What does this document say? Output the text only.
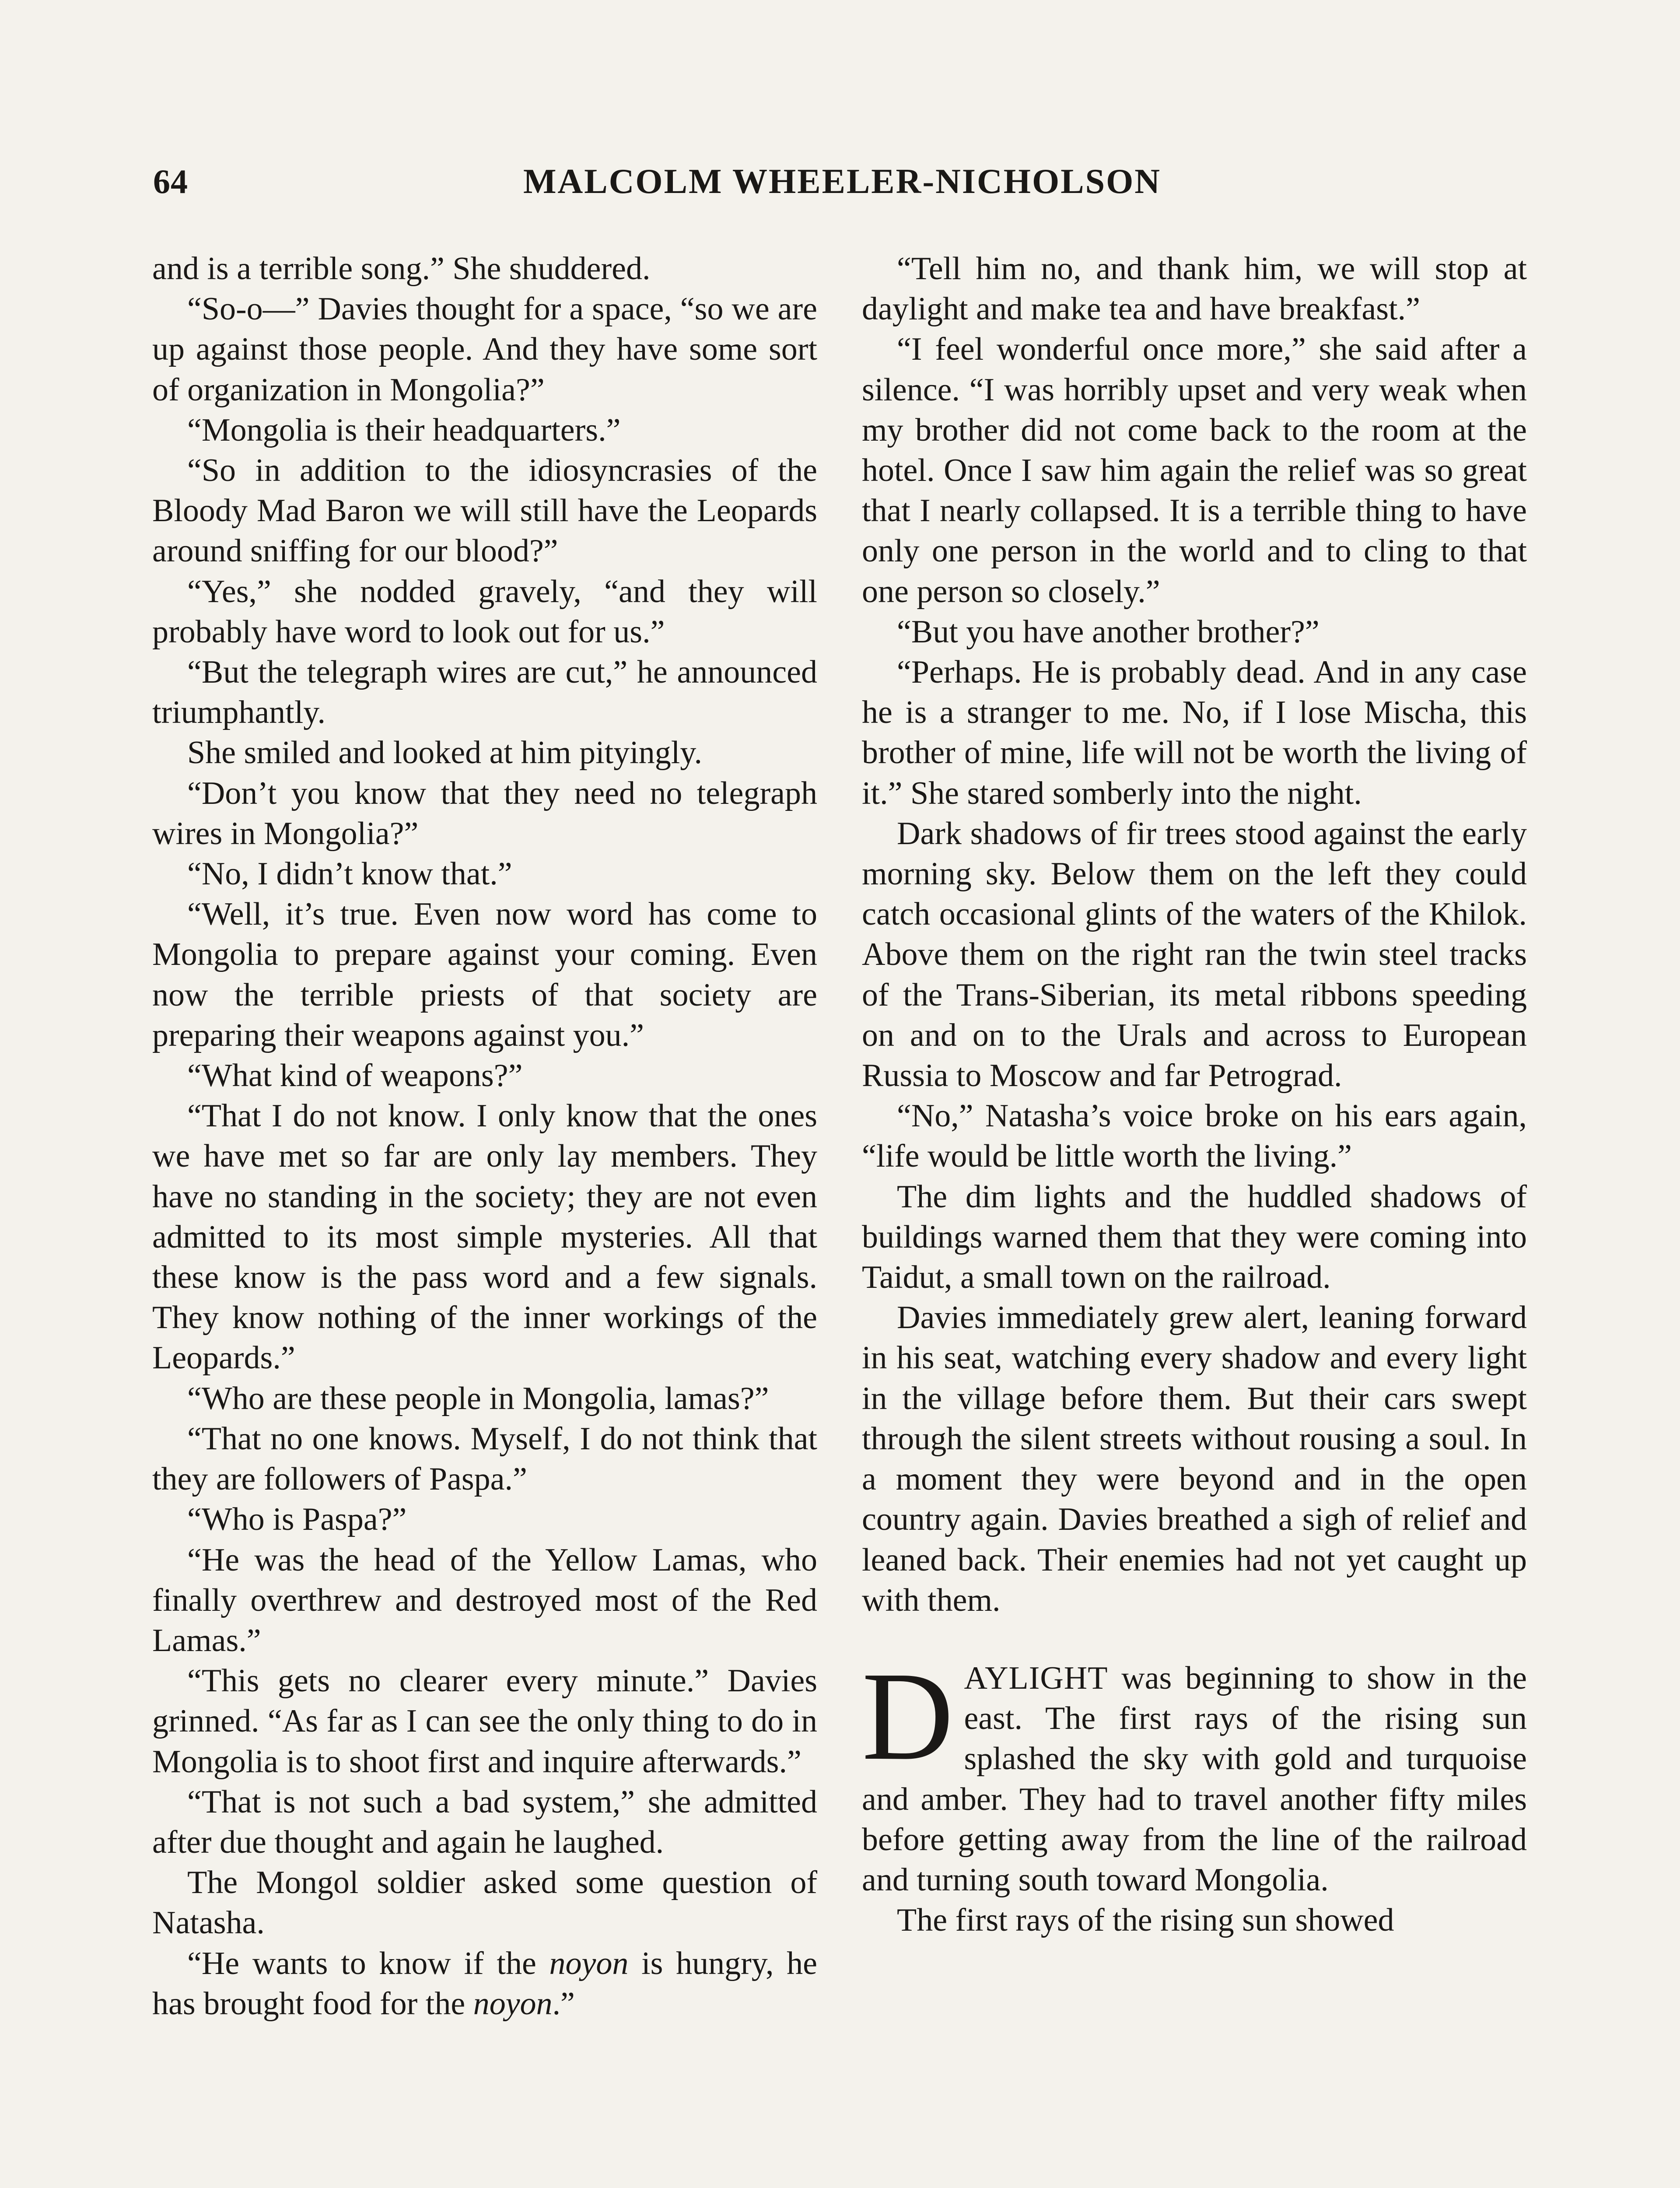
64	MALCOLM WHEELER-NICHOLSON

and is a terrible song.” She shuddered.

“So-o—” Davies thought for a space, “so we are up against those people. And they have some sort of organization in Mongolia?”

“Mongolia is their headquarters.”

“So in addition to the idiosyncrasies of the Bloody Mad Baron we will still have the Leopards around sniffing for our blood?”

“Yes,” she nodded gravely, “and they will probably have word to look out for us.”

“But the telegraph wires are cut,” he announced triumphantly.

She smiled and looked at him pityingly.

“Don’t you know that they need no telegraph wires in Mongolia?”

“No, I didn’t know that.”

“Well, it’s true. Even now word has come to Mongolia to prepare against your coming. Even now the terrible priests of that society are preparing their weapons against you.”

“What kind of weapons?”

“That I do not know. I only know that the ones we have met so far are only lay members. They have no standing in the society; they are not even admitted to its most simple mysteries. All that these know is the pass word and a few signals. They know nothing of the inner workings of the Leopards.”

“Who are these people in Mongolia, lamas?”

“That no one knows. Myself, I do not think that they are followers of Paspa.”

“Who is Paspa?”

“He was the head of the Yellow Lamas, who finally overthrew and destroyed most of the Red Lamas.”

“This gets no clearer every minute.” Davies grinned. “As far as I can see the only thing to do in Mongolia is to shoot first and inquire afterwards.”

“That is not such a bad system,” she admitted after due thought and again he laughed.

The Mongol soldier asked some question of Natasha.

“He wants to know if the noyon is hungry, he has brought food for the noyon.”

“Tell him no, and thank him, we will stop at daylight and make tea and have breakfast.”

“I feel wonderful once more,” she said after a silence. “I was horribly upset and very weak when my brother did not come back to the room at the hotel. Once I saw him again the relief was so great that I nearly collapsed. It is a terrible thing to have only one person in the world and to cling to that one person so closely.”

“But you have another brother?”

“Perhaps. He is probably dead. And in any case he is a stranger to me. No, if I lose Mischa, this brother of mine, life will not be worth the living of it.” She stared somberly into the night.

Dark shadows of fir trees stood against the early morning sky. Below them on the left they could catch occasional glints of the waters of the Khilok. Above them on the right ran the twin steel tracks of the Trans-Siberian, its metal ribbons speeding on and on to the Urals and across to European Russia to Moscow and far Petrograd.

“No,” Natasha’s voice broke on his ears again, “life would be little worth the living.”

The dim lights and the huddled shadows of buildings warned them that they were coming into Taidut, a small town on the railroad.

Davies immediately grew alert, leaning forward in his seat, watching every shadow and every light in the village before them. But their cars swept through the silent streets without rousing a soul. In a moment they were beyond and in the open country again. Davies breathed a sigh of relief and leaned back. Their enemies had not yet caught up with them.

DAYLIGHT was beginning to show in the east. The first rays of the rising sun splashed the sky with gold and turquoise and amber. They had to travel another fifty miles before getting away from the line of the railroad and turning south toward Mongolia.

The first rays of the rising sun showed
